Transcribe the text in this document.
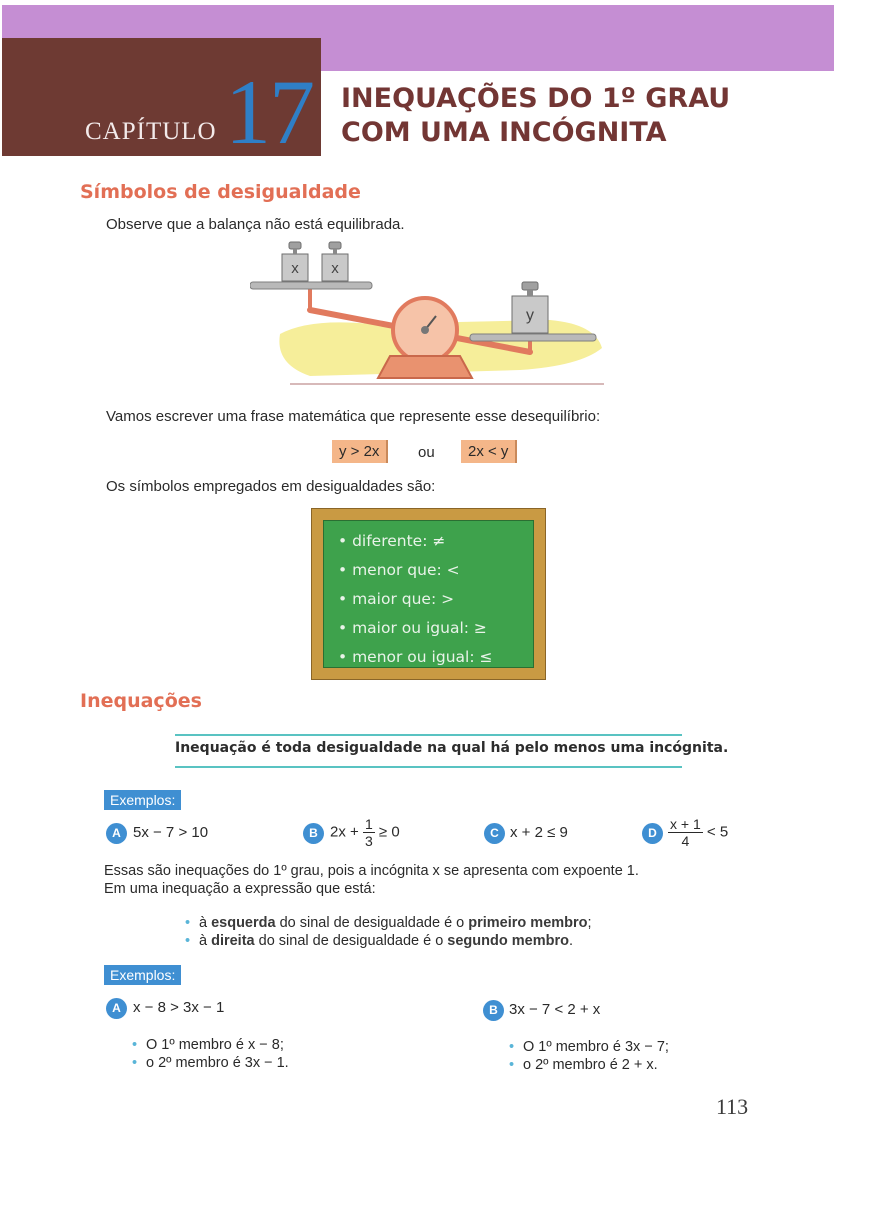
CAPÍTULO 17 INEQUAÇÕES DO 1º GRAU
COM UMA INCÓGNITA
Símbolos de desigualdade
Observe que a balança não está equilibrada.
x x
y
Vamos escrever uma frase matemática que represente esse desequilíbrio:
y > 2x	ou	2x < y
Os símbolos empregados em desigualdades são:
• diferente: ≠
• menor que: <
• maior que: >
• maior ou igual: ≥
• menor ou igual: ≤
Inequações
Inequação é toda desigualdade na qual há pelo menos uma incógnita.
Exemplos:
A 5x − 7 > 10	B $2x + \frac{1}{3} \ge 0$	C x + 2 ≤ 9	D $\frac{x + 1}{4} < 5$
Essas são inequações do 1º grau, pois a incógnita x se apresenta com expoente 1.
Em uma inequação a expressão que está:
• à esquerda do sinal de desigualdade é o primeiro membro;
• à direita do sinal de desigualdade é o segundo membro.
Exemplos:
A x − 8 > 3x − 1
• O 1º membro é x − 8;
• o 2º membro é 3x − 1.
B 3x − 7 < 2 + x
• O 1º membro é 3x − 7;
• o 2º membro é 2 + x.
113
